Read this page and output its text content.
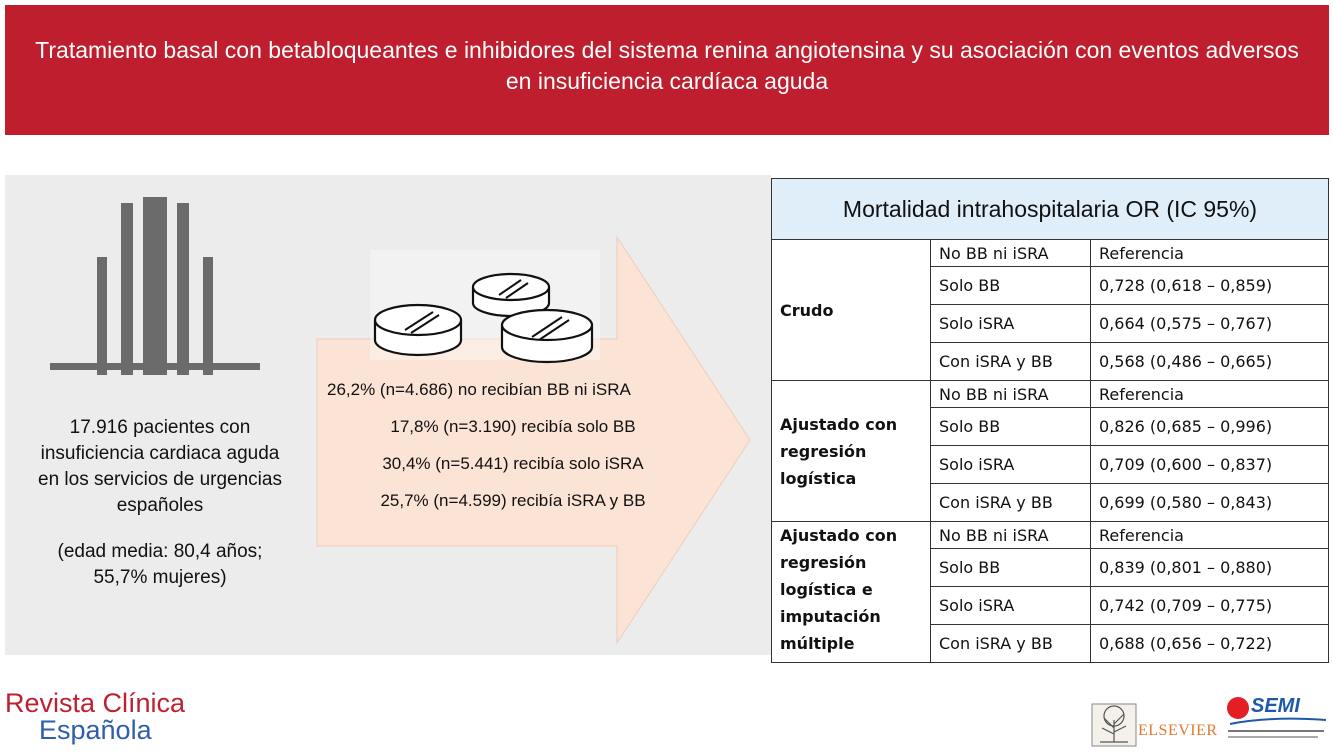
Tratamiento basal con betabloqueantes e inhibidores del sistema renina angiotensina y su asociación con eventos adversos en insuficiencia cardíaca aguda

17.916 pacientes con

insuficiencia cardiaca aguda

en los servicios de urgencias

españoles

(edad media: 80,4 años;

55,7% mujeres)

26,2% (n=4.686) no recibían BB ni iSRA
17,8% (n=3.190) recibía solo BB
30,4% (n=5.441) recibía solo iSRA
25,7% (n=4.599) recibía iSRA y BB
Mortalidad intrahospitalaria OR (IC 95%)		
Crudo	No BB ni iSRA	Referencia
	Solo BB	0,728 (0,618 – 0,859)
	Solo iSRA	0,664 (0,575 – 0,767)
	Con iSRA y BB	0,568 (0,486 – 0,665)
Ajustado con regresión logística	No BB ni iSRA	Referencia
	Solo BB	0,826 (0,685 – 0,996)
	Solo iSRA	0,709 (0,600 – 0,837)
	Con iSRA y BB	0,699 (0,580 – 0,843)
Ajustado con regresión logística e imputación múltiple	No BB ni iSRA	Referencia
	Solo BB	0,839 (0,801 – 0,880)
	Solo iSRA	0,742 (0,709 – 0,775)
	Con iSRA y BB	0,688 (0,656 – 0,722)
Revista Clínica
Española	ELSEVIER
SEMI
